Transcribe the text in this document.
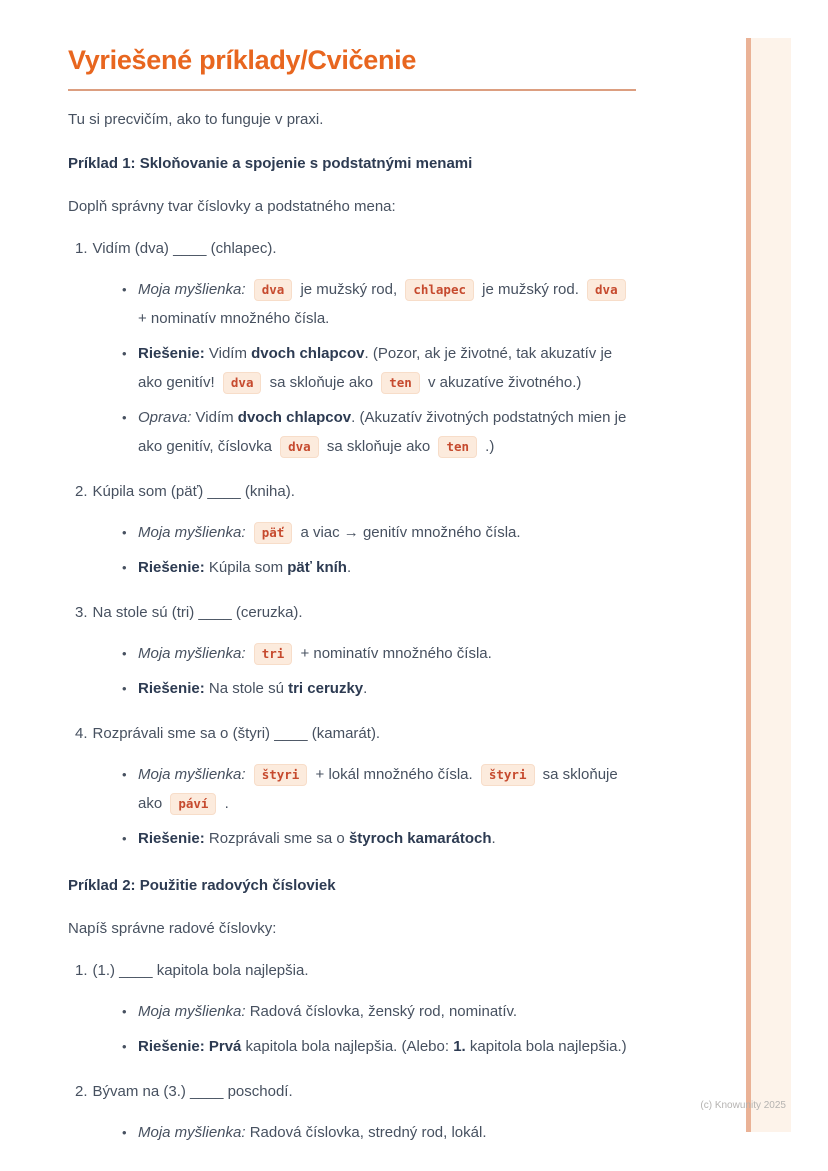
Vyriešené príklady/Cvičenie

Tu si precvičím, ako to funguje v praxi.

Príklad 1: Skloňovanie a spojenie s podstatnými menami

Doplň správny tvar číslovky a podstatného mena:

1. Vidím (dva) ____ (chlapec).

• Moja myšlienka: dva je mužský rod, chlapec je mužský rod. dva + nominatív množného čísla.
• Riešenie: Vidím dvoch chlapcov. (Pozor, ak je životné, tak akuzatív je ako genitív! dva sa skloňuje ako ten v akuzatíve životného.)
• Oprava: Vidím dvoch chlapcov. (Akuzatív životných podstatných mien je ako genitív, číslovka dva sa skloňuje ako ten .)

2. Kúpila som (päť) ____ (kniha).

• Moja myšlienka: päť a viac → genitív množného čísla.
• Riešenie: Kúpila som päť kníh.

3. Na stole sú (tri) ____ (ceruzka).

• Moja myšlienka: tri + nominatív množného čísla.
• Riešenie: Na stole sú tri ceruzky.

4. Rozprávali sme sa o (štyri) ____ (kamarát).

• Moja myšlienka: štyri + lokál množného čísla. štyri sa skloňuje ako páví .
• Riešenie: Rozprávali sme sa o štyroch kamarátoch.

Príklad 2: Použitie radových čísloviek

Napíš správne radové číslovky:

1. (1.) ____ kapitola bola najlepšia.

• Moja myšlienka: Radová číslovka, ženský rod, nominatív.
• Riešenie: Prvá kapitola bola najlepšia. (Alebo: 1. kapitola bola najlepšia.)

2. Bývam na (3.) ____ poschodí.

• Moja myšlienka: Radová číslovka, stredný rod, lokál.
(c) Knowunity 2025
